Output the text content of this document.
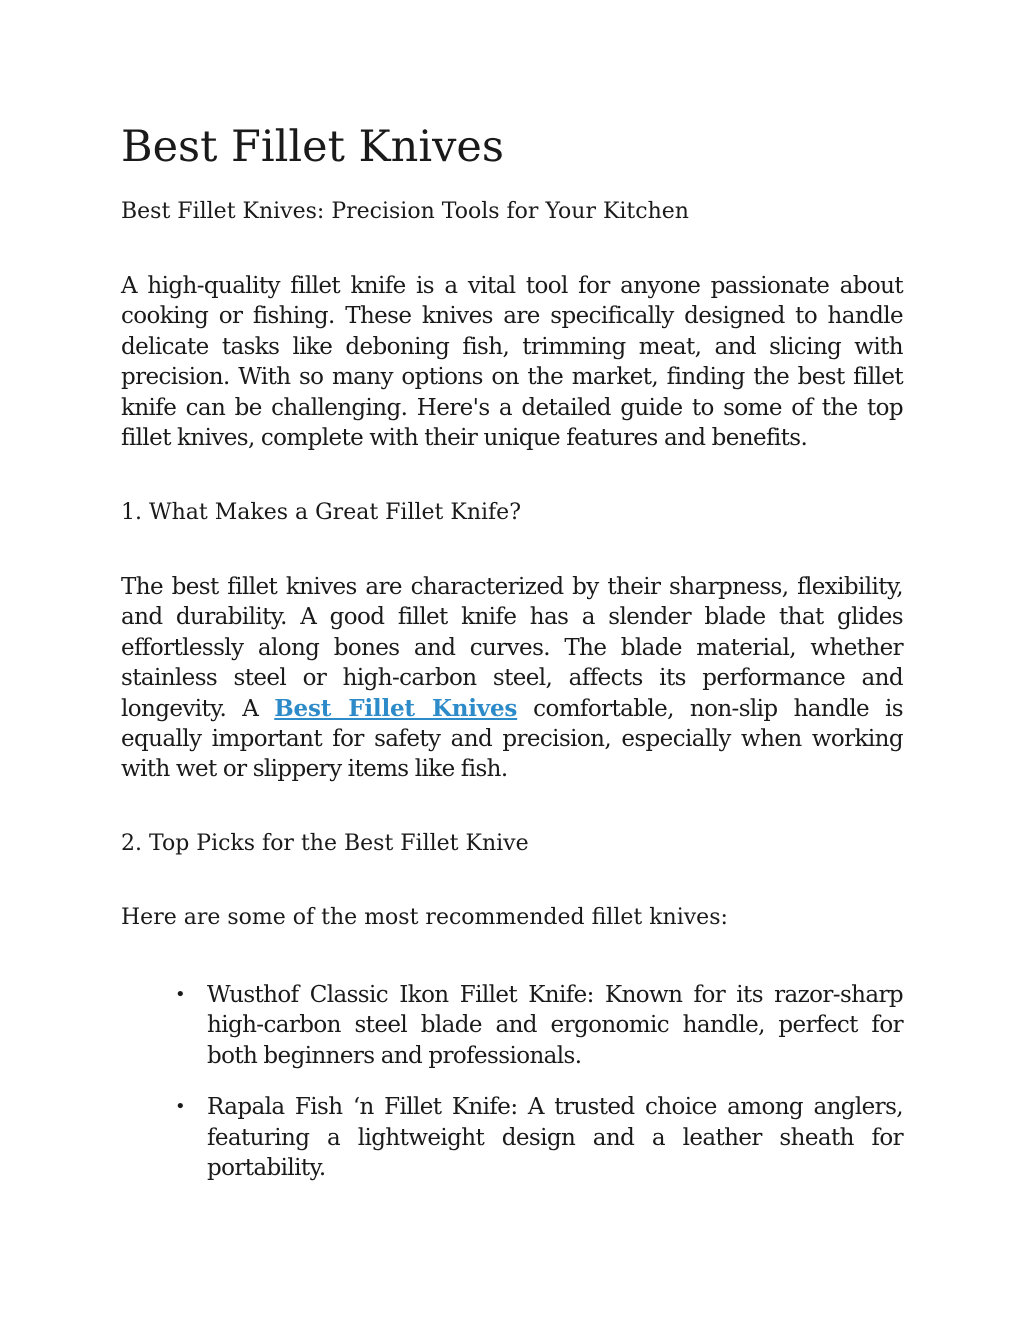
Best Fillet Knives

Best Fillet Knives: Precision Tools for Your Kitchen

A high-quality fillet knife is a vital tool for anyone passionate about cooking or fishing. These knives are specifically designed to handle delicate tasks like deboning fish, trimming meat, and slicing with precision. With so many options on the market, finding the best fillet knife can be challenging. Here's a detailed guide to some of the top fillet knives, complete with their unique features and benefits.

1. What Makes a Great Fillet Knife?

The best fillet knives are characterized by their sharpness, flexibility, and durability. A good fillet knife has a slender blade that glides effortlessly along bones and curves. The blade material, whether stainless steel or high-carbon steel, affects its performance and longevity. A Best Fillet Knives comfortable, non-slip handle is equally important for safety and precision, especially when working with wet or slippery items like fish.

2. Top Picks for the Best Fillet Knive

Here are some of the most recommended fillet knives:

• Wusthof Classic Ikon Fillet Knife: Known for its razor-sharp high-carbon steel blade and ergonomic handle, perfect for both beginners and professionals.
• Rapala Fish ‘n Fillet Knife: A trusted choice among anglers, featuring a lightweight design and a leather sheath for portability.
